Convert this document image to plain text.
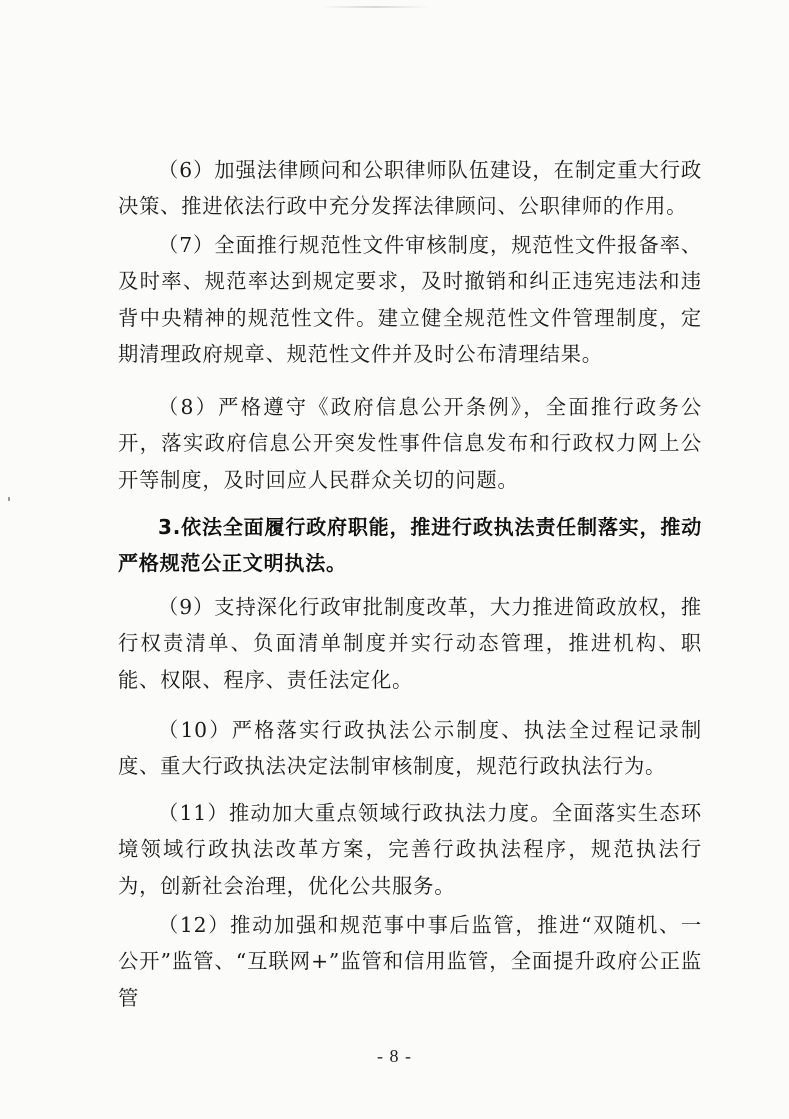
（6）加强法律顾问和公职律师队伍建设，在制定重大行政决策、推进依法行政中充分发挥法律顾问、公职律师的作用。

（7）全面推行规范性文件审核制度，规范性文件报备率、及时率、规范率达到规定要求，及时撤销和纠正违宪违法和违背中央精神的规范性文件。建立健全规范性文件管理制度，定期清理政府规章、规范性文件并及时公布清理结果。

（8）严格遵守《政府信息公开条例》，全面推行政务公开，落实政府信息公开突发性事件信息发布和行政权力网上公开等制度，及时回应人民群众关切的问题。

3.依法全面履行政府职能，推进行政执法责任制落实，推动严格规范公正文明执法。

（9）支持深化行政审批制度改革，大力推进简政放权，推行权责清单、负面清单制度并实行动态管理，推进机构、职能、权限、程序、责任法定化。

（10）严格落实行政执法公示制度、执法全过程记录制度、重大行政执法决定法制审核制度，规范行政执法行为。

（11）推动加大重点领域行政执法力度。全面落实生态环境领域行政执法改革方案，完善行政执法程序，规范执法行为，创新社会治理，优化公共服务。

（12）推动加强和规范事中事后监管，推进“双随机、一公开”监管、“互联网+”监管和信用监管，全面提升政府公正监管

- 8 -
